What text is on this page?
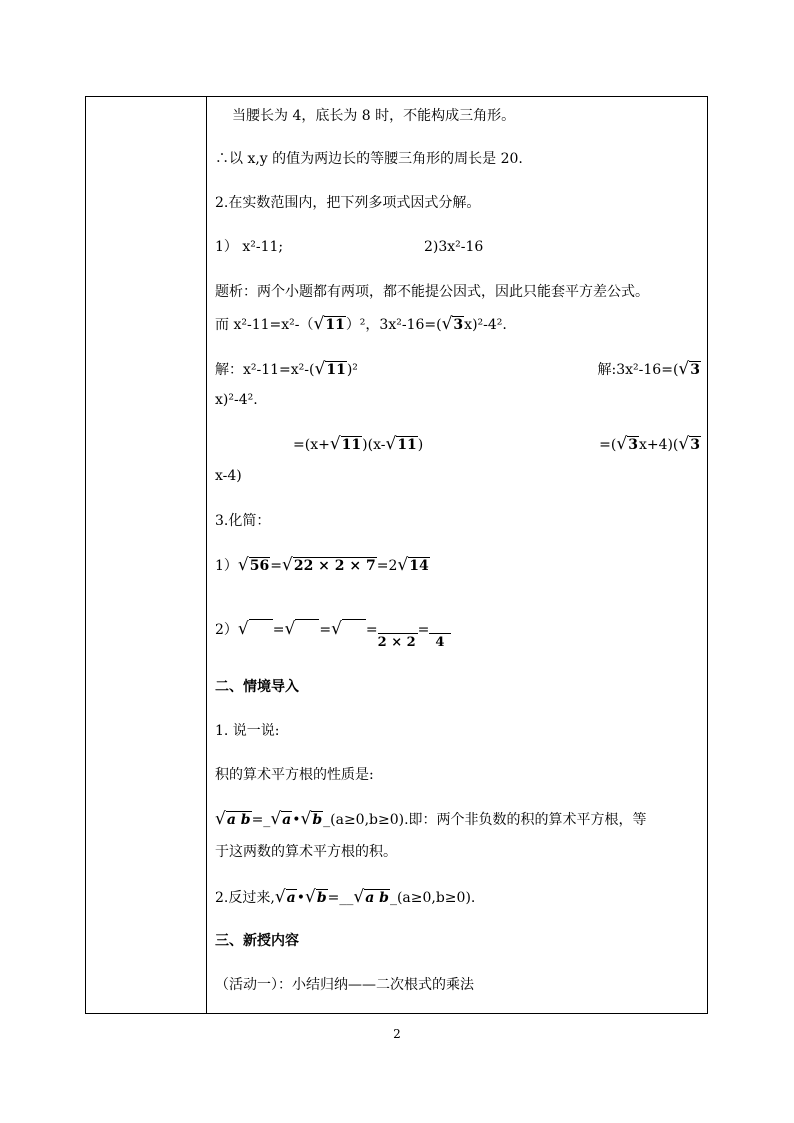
当腰长为 4，底长为 8 时，不能构成三角形。
∴以 x,y 的值为两边长的等腰三角形的周长是 20.
2.在实数范围内，把下列多项式因式分解。
1） x²-11;	2)3x²-16
题析：两个小题都有两项，都不能提公因式，因此只能套平方差公式。
而 x²-11=x²-（√11）²，3x²-16=(√3x)²-4².
解：x²-11=x²-(√11)²	解:3x²-16=(√3
x)²-4².
=(x+√11)(x-√11)	=(√3x+4)(√3
x-4)
3.化简：
1）√56=√22 × 2 × 7=2√14
2）√ =√ =√ =
2 × 2
=
4
二、情境导入
1. 说一说:
积的算术平方根的性质是:
√a b=_√a•√b_(a≥0,b≥0).即：两个非负数的积的算术平方根，等
于这两数的算术平方根的积。
2.反过来,√a•√b=__√a b_(a≥0,b≥0).
三、新授内容
（活动一）：小结归纳——二次根式的乘法
2
